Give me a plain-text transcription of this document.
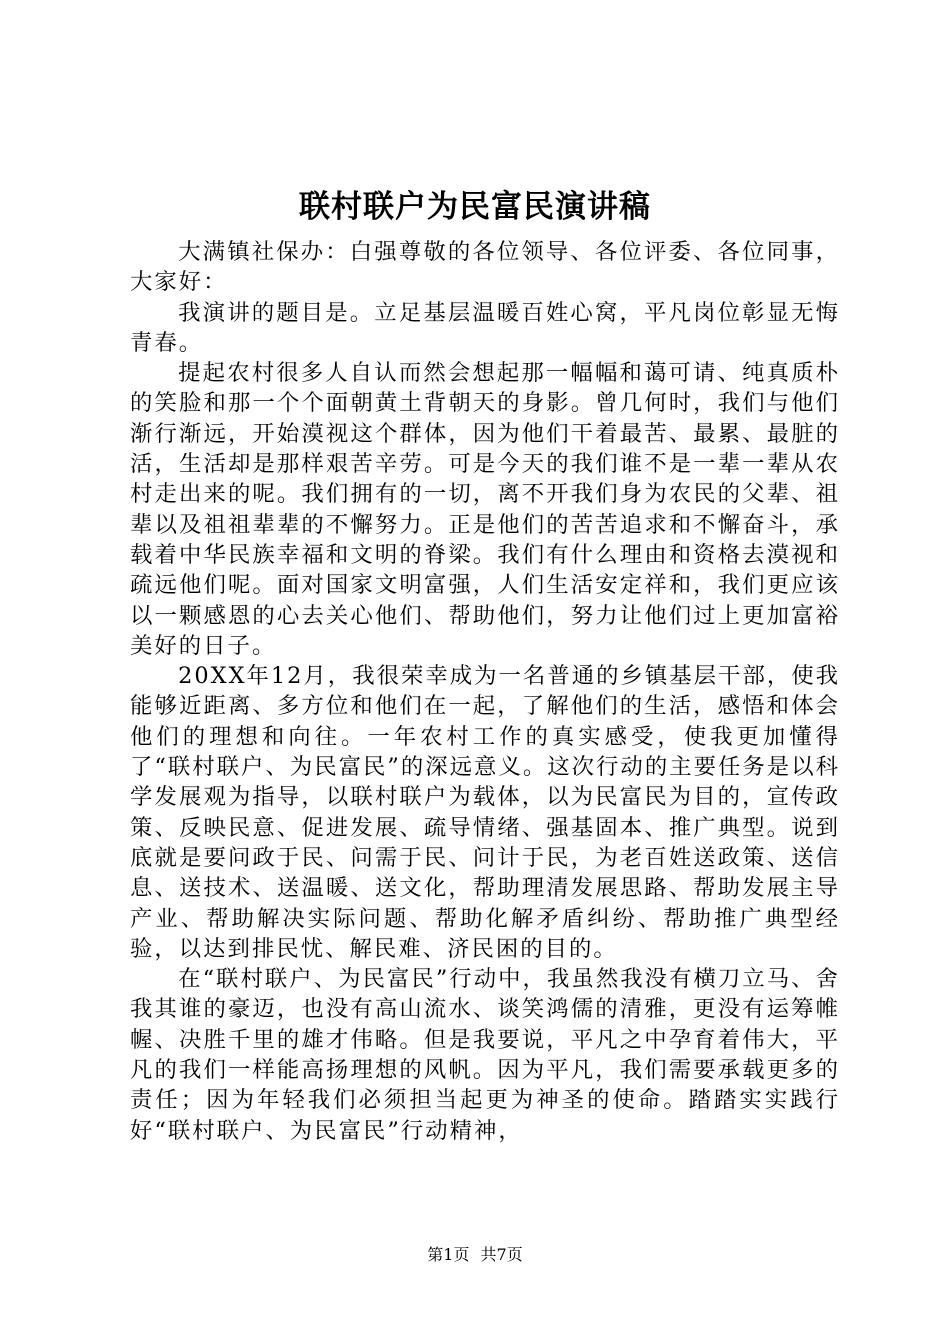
联村联户为民富民演讲稿

大满镇社保办：白强尊敬的各位领导、各位评委、各位同事，大家好：

我演讲的题目是。立足基层温暖百姓心窝，平凡岗位彰显无悔青春。

提起农村很多人自认而然会想起那一幅幅和蔼可请、纯真质朴的笑脸和那一个个面朝黄土背朝天的身影。曾几何时，我们与他们渐行渐远，开始漠视这个群体，因为他们干着最苦、最累、最脏的活，生活却是那样艰苦辛劳。可是今天的我们谁不是一辈一辈从农村走出来的呢。我们拥有的一切，离不开我们身为农民的父辈、祖辈以及祖祖辈辈的不懈努力。正是他们的苦苦追求和不懈奋斗，承载着中华民族幸福和文明的脊梁。我们有什么理由和资格去漠视和疏远他们呢。面对国家文明富强，人们生活安定祥和，我们更应该以一颗感恩的心去关心他们、帮助他们，努力让他们过上更加富裕美好的日子。

20XX年12月，我很荣幸成为一名普通的乡镇基层干部，使我能够近距离、多方位和他们在一起，了解他们的生活，感悟和体会他们的理想和向往。一年农村工作的真实感受，使我更加懂得了“联村联户、为民富民”的深远意义。这次行动的主要任务是以科学发展观为指导，以联村联户为载体，以为民富民为目的，宣传政策、反映民意、促进发展、疏导情绪、强基固本、推广典型。说到底就是要问政于民、问需于民、问计于民，为老百姓送政策、送信息、送技术、送温暖、送文化，帮助理清发展思路、帮助发展主导产业、帮助解决实际问题、帮助化解矛盾纠纷、帮助推广典型经验，以达到排民忧、解民难、济民困的目的。

在“联村联户、为民富民”行动中，我虽然我没有横刀立马、舍我其谁的豪迈，也没有高山流水、谈笑鸿儒的清雅，更没有运筹帷幄、决胜千里的雄才伟略。但是我要说，平凡之中孕育着伟大，平凡的我们一样能高扬理想的风帆。因为平凡，我们需要承载更多的责任；因为年轻我们必须担当起更为神圣的使命。踏踏实实践行好“联村联户、为民富民”行动精神，

第1页 共7页
